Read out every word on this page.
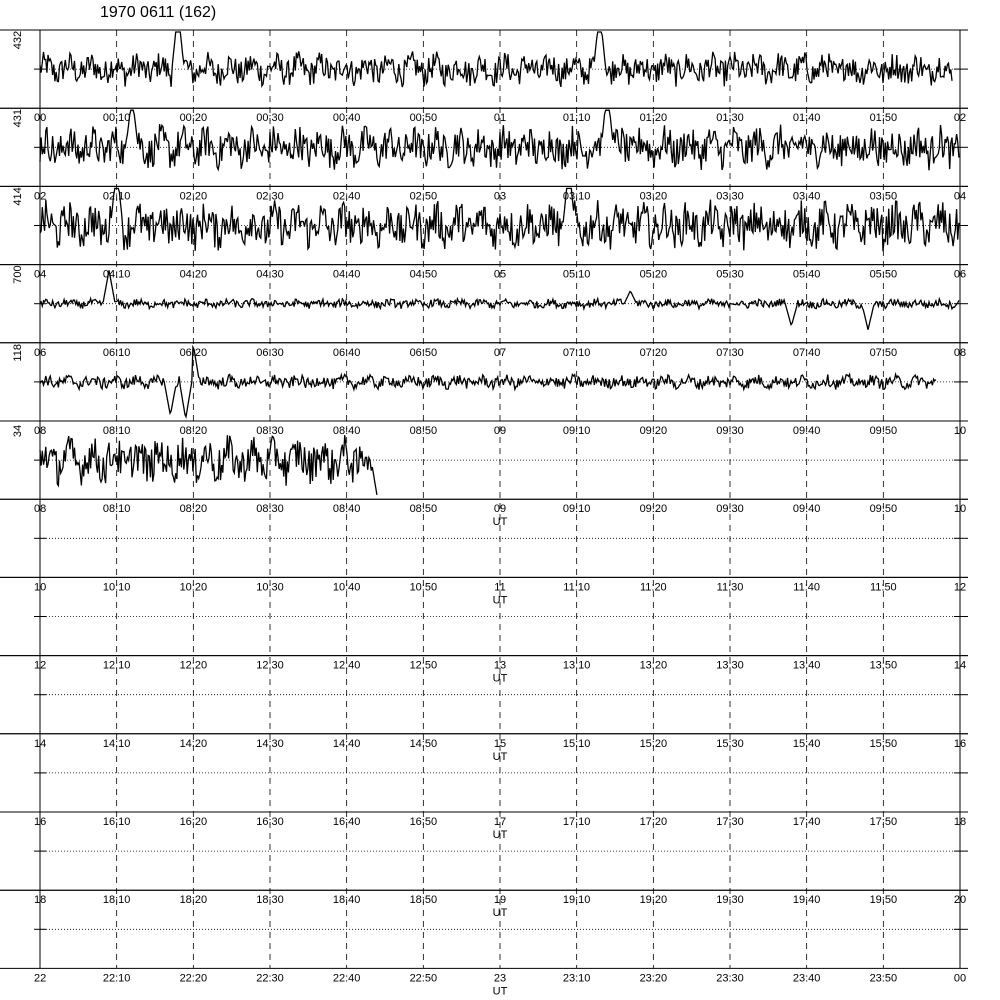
1970 0611 (162)
432
431
414
700
118
34
00	00:10	00:20	00:30	00:40	00:50	01	01:10	01:20	01:30	01:40	01:50	02
02	02:10	02:20	02:30	02:40	02:50	03	03:10	03:20	03:30	03:40	03:50	04
04	04:10	04:20	04:30	04:40	04:50	05	05:10	05:20	05:30	05:40	05:50	06
06	06:10	06:20	06:30	06:40	06:50	07	07:10	07:20	07:30	07:40	07:50	08
08	08:10	08:20	08:30	08:40	08:50	09	09:10	09:20	09:30	09:40	09:50	10
08	08:10	08:20	08:30	08:40	08:50	09	09:10	09:20	09:30	09:40	09:50	10
UT
10	10:10	10:20	10:30	10:40	10:50	11	11:10	11:20	11:30	11:40	11:50	12
UT
12	12:10	12:20	12:30	12:40	12:50	13	13:10	13:20	13:30	13:40	13:50	14
UT
14	14:10	14:20	14:30	14:40	14:50	15	15:10	15:20	15:30	15:40	15:50	16
UT
16	16:10	16:20	16:30	16:40	16:50	17	17:10	17:20	17:30	17:40	17:50	18
UT
18	18:10	18:20	18:30	18:40	18:50	19	19:10	19:20	19:30	19:40	19:50	20
UT
22	22:10	22:20	22:30	22:40	22:50	23	23:10	23:20	23:30	23:40	23:50	00
UT
